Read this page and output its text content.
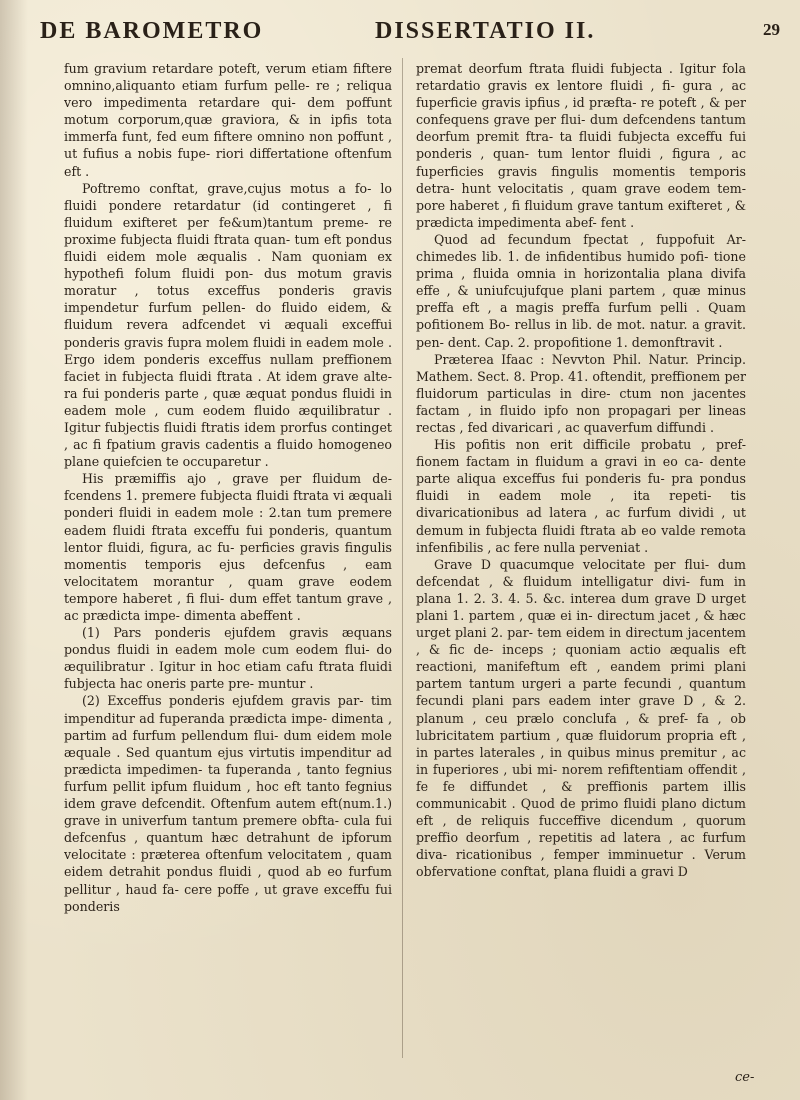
DE BAROMETRO	DISSERTATIO II.	29

fum gravium retardare poteft, verum etiam fiftere omnino,aliquanto etiam furfum pelle- re ; reliqua vero impedimenta retardare qui- dem poffunt motum corporum,quæ graviora, & in ipfis tota immerfa funt, fed eum fiftere omnino non poffunt , ut fufius a nobis fupe- riori differtatione oftenfum eft .

Poftremo conftat, grave,cujus motus a fo- lo fluidi pondere retardatur (id contingeret , fi fluidum exifteret per fe&um)tantum preme- re proxime fubjecta fluidi ftrata quan- tum eft pondus fluidi eidem mole æqualis . Nam quoniam ex hypothefi folum fluidi pon- dus motum gravis moratur , totus exceffus ponderis gravis impendetur furfum pellen- do fluido eidem, & fluidum revera adfcendet vi æquali exceffui ponderis gravis fupra molem fluidi in eadem mole . Ergo idem ponderis exceffus nullam preffionem faciet in fubjecta fluidi ftrata . At idem grave alte- ra fui ponderis parte , quæ æquat pondus fluidi in eadem mole , cum eodem fluido æquilibratur . Igitur fubjectis fluidi ftratis idem prorfus continget , ac fi fpatium gravis cadentis a fluido homogeneo plane quiefcien te occuparetur .

His præmiffis ajo , grave per fluidum de- fcendens 1. premere fubjecta fluidi ftrata vi æquali ponderi fluidi in eadem mole : 2.tan tum premere eadem fluidi ftrata exceffu fui ponderis, quantum lentor fluidi, figura, ac fu- perficies gravis fingulis momentis temporis ejus defcenfus , eam velocitatem morantur , quam grave eodem tempore haberet , fi flui- dum effet tantum grave , ac prædicta impe- dimenta abeffent .

(1) Pars ponderis ejufdem gravis æquans pondus fluidi in eadem mole cum eodem flui- do æquilibratur . Igitur in hoc etiam cafu ftrata fluidi fubjecta hac oneris parte pre- muntur .

(2) Exceffus ponderis ejufdem gravis par- tim impenditur ad fuperanda prædicta impe- dimenta , partim ad furfum pellendum flui- dum eidem mole æquale . Sed quantum ejus virtutis impenditur ad prædicta impedimen- ta fuperanda , tanto fegnius furfum pellit ipfum fluidum , hoc eft tanto fegnius idem grave defcendit. Oftenfum autem eft(num.1.) grave in univerfum tantum premere obfta- cula fui defcenfus , quantum hæc detrahunt de ipforum velocitate : præterea oftenfum velocitatem , quam eidem detrahit pondus fluidi , quod ab eo furfum pellitur , haud fa- cere poffe , ut grave exceffu fui ponderis

premat deorfum ftrata fluidi fubjecta . Igitur fola retardatio gravis ex lentore fluidi , fi- gura , ac fuperficie gravis ipfius , id præfta- re poteft , & per confequens grave per flui- dum defcendens tantum deorfum premit ftra- ta fluidi fubjecta exceffu fui ponderis , quan- tum lentor fluidi , figura , ac fuperficies gravis fingulis momentis temporis detra- hunt velocitatis , quam grave eodem tem- pore haberet , fi fluidum grave tantum exifteret , & prædicta impedimenta abef- fent .

Quod ad fecundum fpectat , fuppofuit Ar- chimedes lib. 1. de infidentibus humido pofi- tione prima , fluida omnia in horizontalia plana divifa effe , & uniufcujufque plani partem , quæ minus preffa eft , a magis preffa furfum pelli . Quam pofitionem Bo- rellus in lib. de mot. natur. a gravit. pen- dent. Cap. 2. propofitione 1. demonftravit .

Præterea Ifaac : Nevvton Phil. Natur. Princip. Mathem. Sect. 8. Prop. 41. oftendit, preffionem per fluidorum particulas in dire- ctum non jacentes factam , in fluido ipfo non propagari per lineas rectas , fed divaricari , ac quaverfum diffundi .

His pofitis non erit difficile probatu , pref- fionem factam in fluidum a gravi in eo ca- dente parte aliqua exceffus fui ponderis fu- pra pondus fluidi in eadem mole , ita repeti- tis divaricationibus ad latera , ac furfum dividi , ut demum in fubjecta fluidi ftrata ab eo valde remota infenfibilis , ac fere nulla perveniat .

Grave D quacumque velocitate per flui- dum defcendat , & fluidum intelligatur divi- fum in plana 1. 2. 3. 4. 5. &c. interea dum grave D urget plani 1. partem , quæ ei in- directum jacet , & hæc urget plani 2. par- tem eidem in directum jacentem , & fic de- inceps ; quoniam actio æqualis eft reactioni, manifeftum eft , eandem primi plani partem tantum urgeri a parte fecundi , quantum fecundi plani pars eadem inter grave D , & 2. planum , ceu prælo conclufa , & pref- fa , ob lubricitatem partium , quæ fluidorum propria eft , in partes laterales , in quibus minus premitur , ac in fuperiores , ubi mi- norem refiftentiam offendit , fe fe diffundet , & preffionis partem illis communicabit . Quod de primo fluidi plano dictum eft , de reliquis fucceffive dicendum , quorum preffio deorfum , repetitis ad latera , ac furfum diva- ricationibus , femper imminuetur . Verum obfervatione conftat, plana fluidi a gravi D

ce-
